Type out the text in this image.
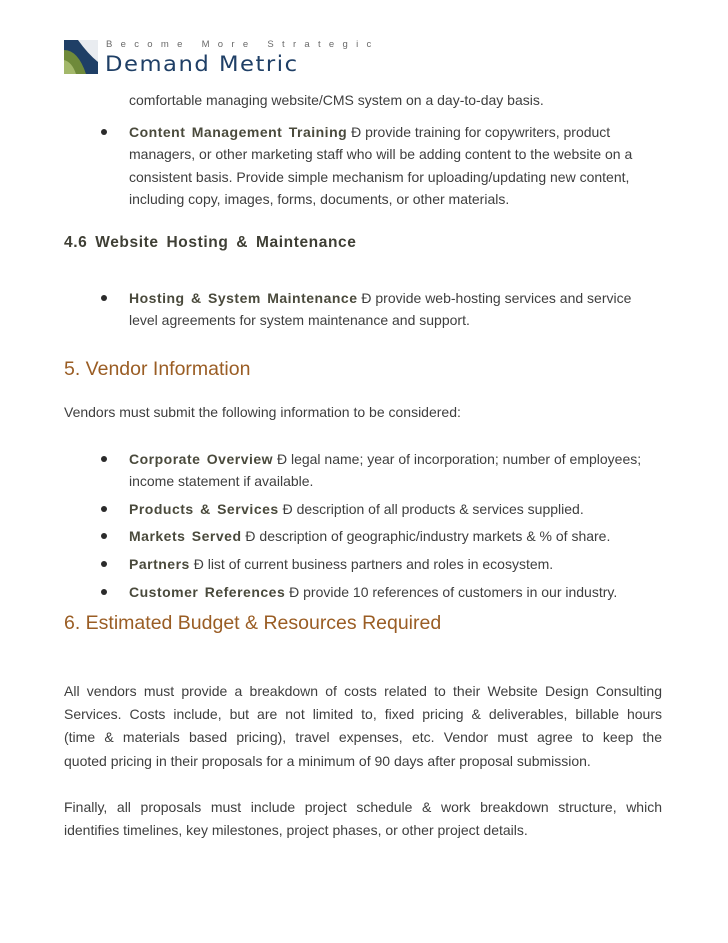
Become More Strategic
Demand Metric
comfortable managing website/CMS system on a day-to-day basis.
Content Management Training Ð provide training for copywriters, product
managers, or other marketing staff who will be adding content to the website on a
consistent basis. Provide simple mechanism for uploading/updating new content,
including copy, images, forms, documents, or other materials.
4.6 Website Hosting & Maintenance
Hosting & System Maintenance Ð provide web-hosting services and service
level agreements for system maintenance and support.
5. Vendor Information
Vendors must submit the following information to be considered:
Corporate Overview Ð legal name; year of incorporation; number of employees;
income statement if available.
Products & Services Ð description of all products & services supplied.
Markets Served Ð description of geographic/industry markets & % of share.
Partners Ð list of current business partners and roles in ecosystem.
Customer References Ð provide 10 references of customers in our industry.
6. Estimated Budget & Resources Required
All vendors must provide a breakdown of costs related to their Website Design Consulting
Services. Costs include, but are not limited to, fixed pricing & deliverables, billable hours
(time & materials based pricing), travel expenses, etc. Vendor must agree to keep the
quoted pricing in their proposals for a minimum of 90 days after proposal submission.
Finally, all proposals must include project schedule & work breakdown structure, which
identifies timelines, key milestones, project phases, or other project details.
